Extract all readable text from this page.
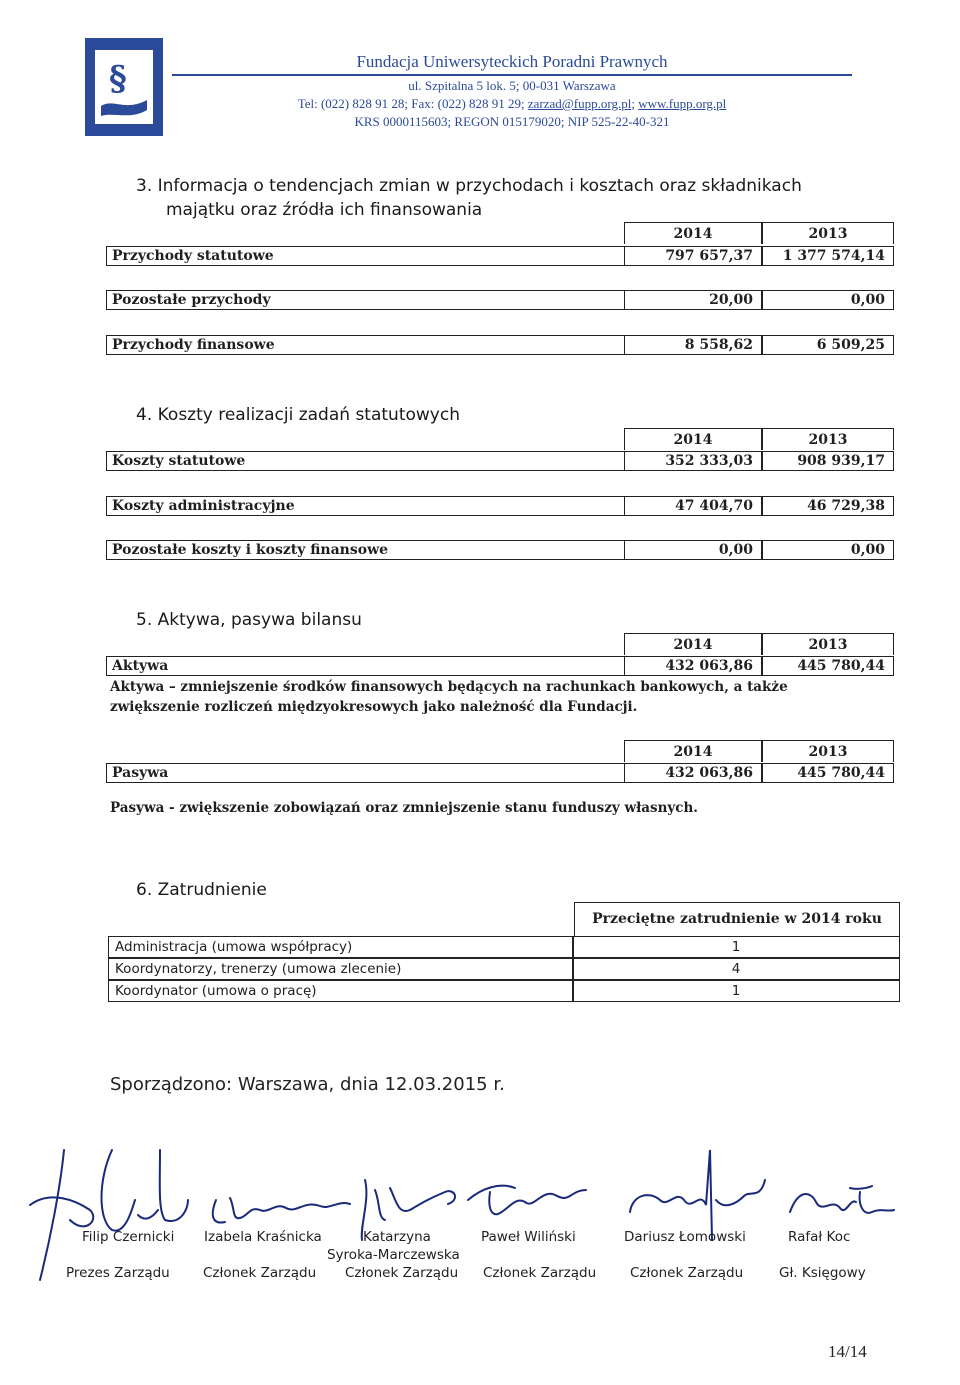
§	Fundacja Uniwersyteckich Poradni Prawnych
ul. Szpitalna 5 lok. 5; 00-031 Warszawa
Tel: (022) 828 91 28; Fax: (022) 828 91 29; zarzad@fupp.org.pl; www.fupp.org.pl
KRS 0000115603; REGON 015179020; NIP 525-22-40-321
3. Informacja o tendencjach zmian w przychodach i kosztach oraz składnikach
majątku oraz źródła ich finansowania
2014	2013
Przychody statutowe	797 657,37	1 377 574,14
Pozostałe przychody	20,00	0,00
Przychody finansowe	8 558,62	6 509,25
4. Koszty realizacji zadań statutowych
2014	2013
Koszty statutowe	352 333,03	908 939,17
Koszty administracyjne	47 404,70	46 729,38
Pozostałe koszty i koszty finansowe	0,00	0,00
5. Aktywa, pasywa bilansu
2014	2013
Aktywa	432 063,86	445 780,44
Aktywa – zmniejszenie środków finansowych będących na rachunkach bankowych, a także
zwiększenie rozliczeń międzyokresowych jako należność dla Fundacji.
2014	2013
Pasywa	432 063,86	445 780,44
Pasywa - zwiększenie zobowiązań oraz zmniejszenie stanu funduszy własnych.
6. Zatrudnienie
Przeciętne zatrudnienie w 2014 roku
Administracja (umowa współpracy)	1
Koordynatorzy, trenerzy (umowa zlecenie)	4
Koordynator (umowa o pracę)	1
Sporządzono: Warszawa, dnia 12.03.2015 r.
Filip Czernicki
Prezes Zarządu
Izabela Kraśnicka
Członek Zarządu
Katarzyna
Syroka-Marczewska
Członek Zarządu
Paweł Wiliński
Członek Zarządu
Dariusz Łomowski
Członek Zarządu
Rafał Koc
Gł. Księgowy
14/14
